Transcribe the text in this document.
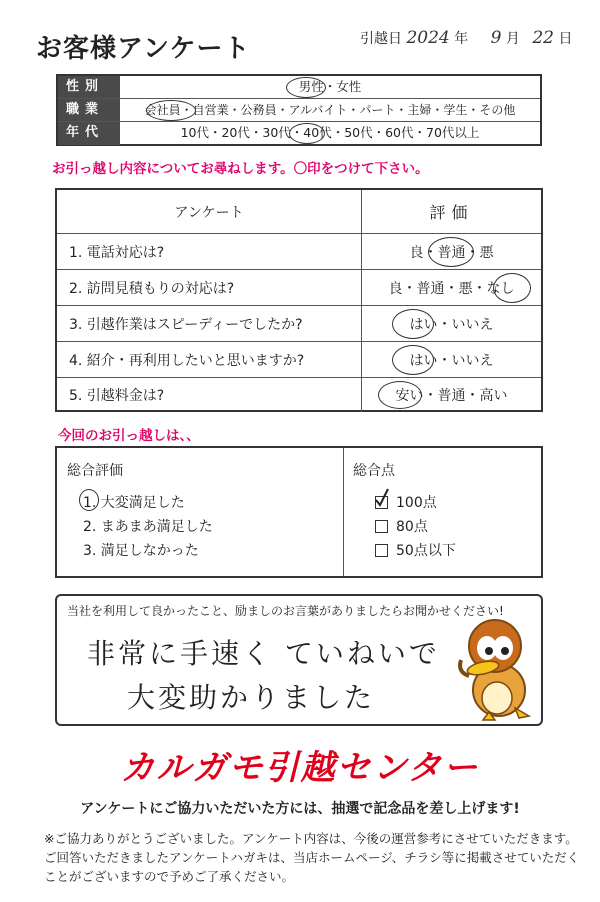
お客様アンケート	引越日 2024 年 9 月 22 日
性別	男性・女性
職業	会社員・自営業・公務員・アルバイト・パート・主婦・学生・その他
年代	10代・20代・30代・40代・50代・60代・70代以上
お引っ越し内容についてお尋ねします。〇印をつけて下さい。
アンケート	評価
1. 電話対応は?	良・普通・悪
2. 訪問見積もりの対応は?	良・普通・悪・なし
3. 引越作業はスピーディーでしたか?	はい・いいえ
4. 紹介・再利用したいと思いますか?	はい・いいえ
5. 引越料金は?	安い・普通・高い
今回のお引っ越しは、、
総合評価
1. 大変満足した
2. まあまあ満足した
3. 満足しなかった
総合点
100点
80点
50点以下
当社を利用して良かったこと、励ましのお言葉がありましたらお聞かせください!
非常に手速く ていねいで
大変助かりました
カルガモ引越センター
アンケートにご協力いただいた方には、抽選で記念品を差し上げます!
※ご協力ありがとうございました。アンケート内容は、今後の運営参考にさせていただきます。
ご回答いただきましたアンケートハガキは、当店ホームページ、チラシ等に掲載させていただく
ことがございますので予めご了承ください。
